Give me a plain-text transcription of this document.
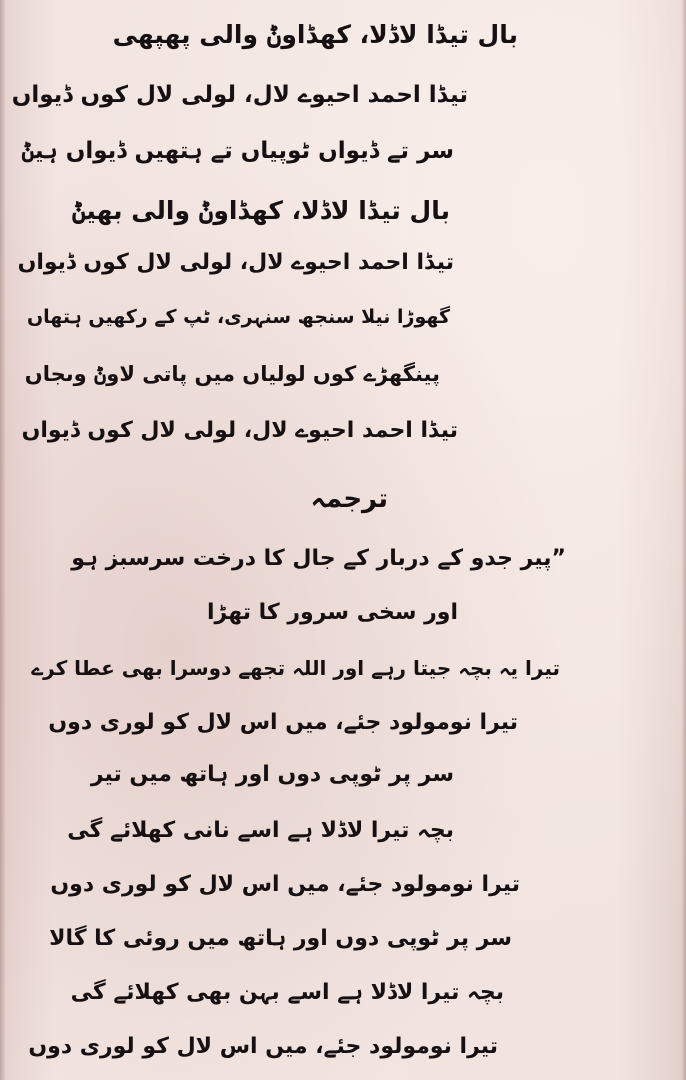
بال تیڈا لاڈلا، کھڈاوݨ والی پھپھی
تیڈا احمد احیوے لال، لولی لال کوں ڈیواں
سر تے ڈیواں ٹوپیاں تے ہتھیں ڈیواں ہیݨ
بال تیڈا لاڈلا، کھڈاوݨ والی بھیݨ
تیڈا احمد احیوے لال، لولی لال کوں ڈیواں
گھوڑا نیلا سنجھ سنہری، ٹپ کے رکھیں ہتھاں
پینگھڑے کوں لولیاں میں پاتی لاوݨ وںجاں
تیڈا احمد احیوے لال، لولی لال کوں ڈیواں
ترجمہ
”پیر جدو کے دربار کے جال کا درخت سرسبز ہو
اور سخی سرور کا تھڑا
تیرا یہ بچہ جیتا رہے اور اللہ تجھے دوسرا بھی عطا کرے
تیرا نومولود جئے، میں اس لال کو لوری دوں
سر پر ٹوپی دوں اور ہاتھ میں تیر
بچہ تیرا لاڈلا ہے اسے نانی کھلائے گی
تیرا نومولود جئے، میں اس لال کو لوری دوں
سر پر ٹوپی دوں اور ہاتھ میں روئی کا گالا
بچہ تیرا لاڈلا ہے اسے بہن بھی کھلائے گی
تیرا نومولود جئے، میں اس لال کو لوری دوں
